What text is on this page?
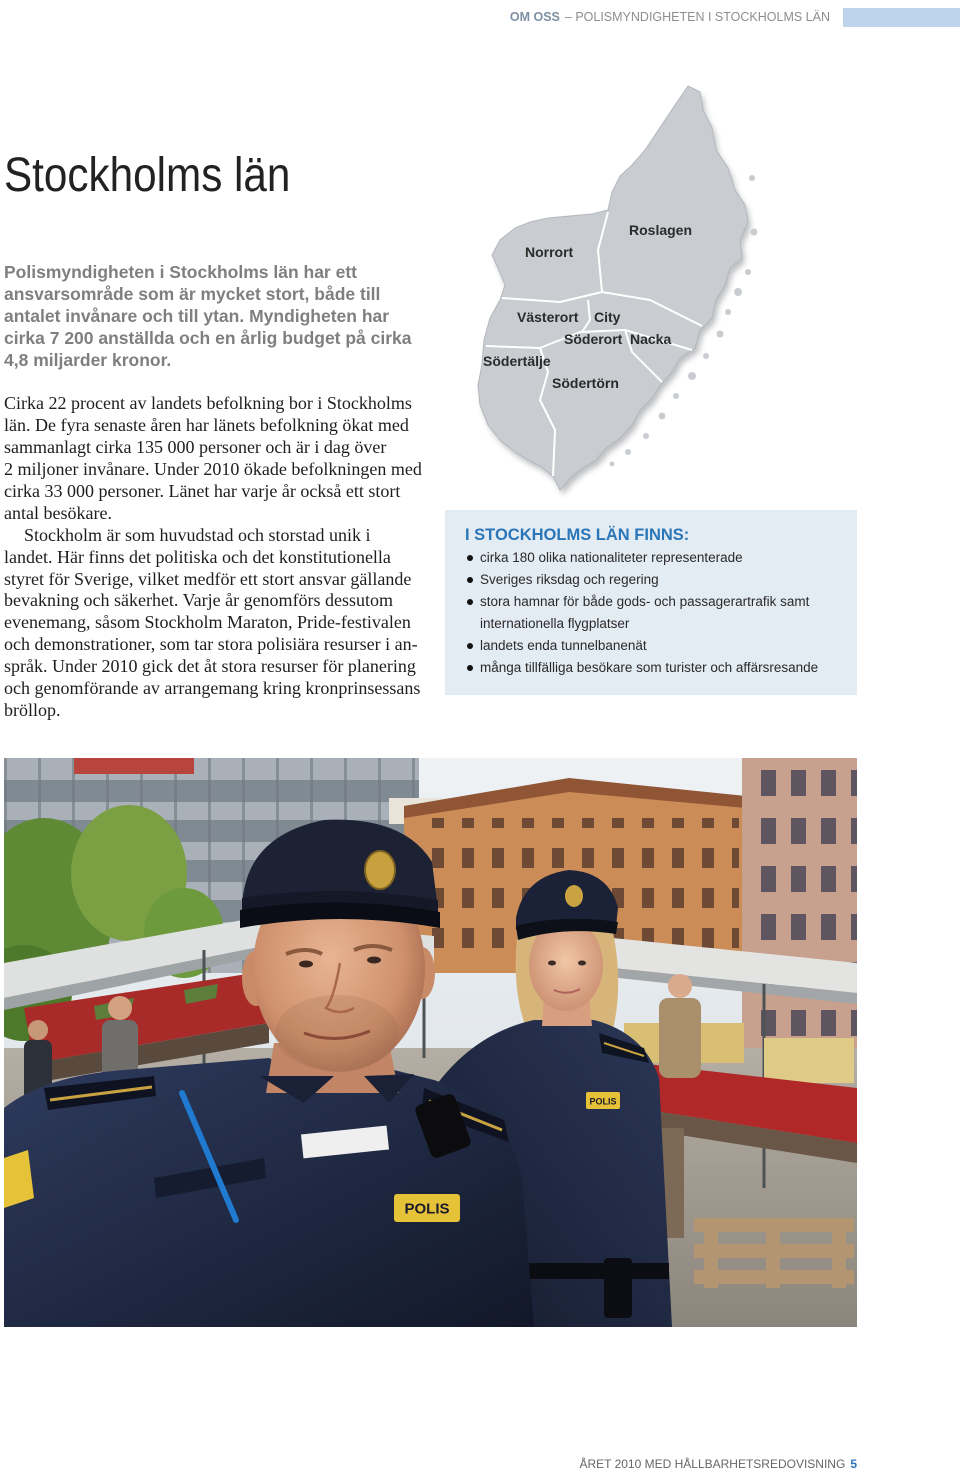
OM OSS – POLISMYNDIGHETEN I STOCKHOLMS LÄN
Stockholms län
Polismyndigheten i Stockholms län har ett
ansvarsområde som är mycket stort, både till
antalet invånare och till ytan. Myndigheten har
cirka 7 200 anställda och en årlig budget på cirka
4,8 miljarder kronor.
Cirka 22 procent av landets befolkning bor i Stockholms
län. De fyra senaste åren har länets befolkning ökat med
sammanlagt cirka 135 000 personer och är i dag över
2 miljoner invånare. Under 2010 ökade befolkningen med
cirka 33 000 personer. Länet har varje år också ett stort
antal besökare.
Stockholm är som huvudstad och storstad unik i
landet. Här finns det politiska och det konstitutionella
styret för Sverige, vilket medför ett stort ansvar gällande
bevakning och säkerhet. Varje år genomförs dessutom
evenemang, såsom Stockholm Maraton, Pride-festivalen
och demonstrationer, som tar stora polisiära resurser i an-
språk. Under 2010 gick det åt stora resurser för planering
och genomförande av arrangemang kring kronprinsessans
bröllop.
Roslagen
Norrort
Västerort City
Söderort Nacka
Södertälje
Södertörn
I STOCKHOLMS LÄN FINNS:
cirka 180 olika nationaliteter representerade
Sveriges riksdag och regering
stora hamnar för både gods- och passagerartrafik samt internationella flygplatser
landets enda tunnelbanenät
många tillfälliga besökare som turister och affärsresande
POLIS
POLIS
ÅRET 2010 MED HÅLLBARHETSREDOVISNING 5
